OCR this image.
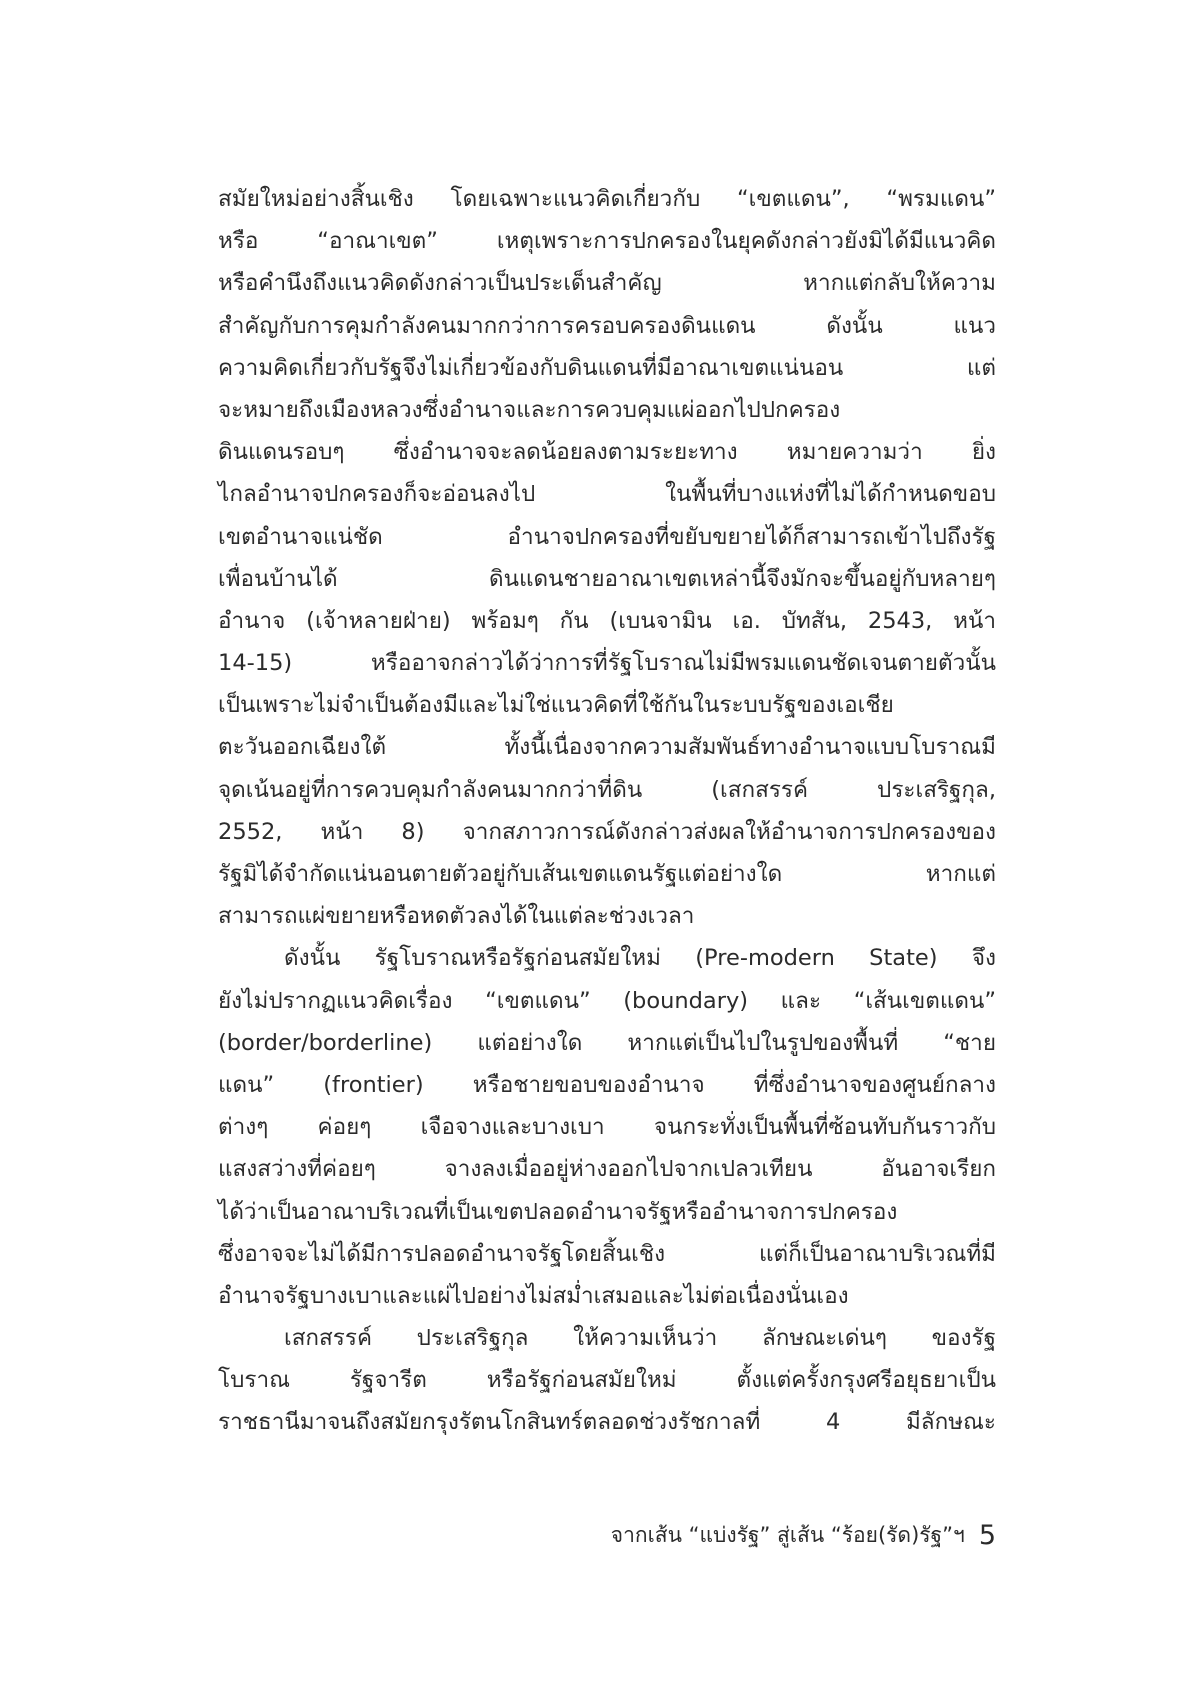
สมัยใหม่อย่างสิ้นเชิง โดยเฉพาะแนวคิดเกี่ยวกับ “เขตแดน”, “พรมแดน”
หรือ “อาณาเขต” เหตุเพราะการปกครองในยุคดังกล่าวยังมิได้มีแนวคิด
หรือคำนึงถึงแนวคิดดังกล่าวเป็นประเด็นสำคัญ หากแต่กลับให้ความ
สำคัญกับการคุมกำลังคนมากกว่าการครอบครองดินแดน ดังนั้น แนว
ความคิดเกี่ยวกับรัฐจึงไม่เกี่ยวข้องกับดินแดนที่มีอาณาเขตแน่นอน แต่
จะหมายถึงเมืองหลวงซึ่งอำนาจและการควบคุมแผ่ออกไปปกครอง
ดินแดนรอบๆ ซึ่งอำนาจจะลดน้อยลงตามระยะทาง หมายความว่า ยิ่ง
ไกลอำนาจปกครองก็จะอ่อนลงไป ในพื้นที่บางแห่งที่ไม่ได้กำหนดขอบ
เขตอำนาจแน่ชัด อำนาจปกครองที่ขยับขยายได้ก็สามารถเข้าไปถึงรัฐ
เพื่อนบ้านได้ ดินแดนชายอาณาเขตเหล่านี้จึงมักจะขึ้นอยู่กับหลายๆ
อำนาจ (เจ้าหลายฝ่าย) พร้อมๆ กัน (เบนจามิน เอ. บัทสัน, 2543, หน้า
14-15) หรืออาจกล่าวได้ว่าการที่รัฐโบราณไม่มีพรมแดนชัดเจนตายตัวนั้น
เป็นเพราะไม่จำเป็นต้องมีและไม่ใช่แนวคิดที่ใช้กันในระบบรัฐของเอเชีย
ตะวันออกเฉียงใต้ ทั้งนี้เนื่องจากความสัมพันธ์ทางอำนาจแบบโบราณมี
จุดเน้นอยู่ที่การควบคุมกำลังคนมากกว่าที่ดิน (เสกสรรค์ ประเสริฐกุล,
2552, หน้า 8) จากสภาวการณ์ดังกล่าวส่งผลให้อำนาจการปกครองของ
รัฐมิได้จำกัดแน่นอนตายตัวอยู่กับเส้นเขตแดนรัฐแต่อย่างใด หากแต่
สามารถแผ่ขยายหรือหดตัวลงได้ในแต่ละช่วงเวลา
ดังนั้น รัฐโบราณหรือรัฐก่อนสมัยใหม่ (Pre-modern State) จึง
ยังไม่ปรากฏแนวคิดเรื่อง “เขตแดน” (boundary) และ “เส้นเขตแดน”
(border/borderline) แต่อย่างใด หากแต่เป็นไปในรูปของพื้นที่ “ชาย
แดน” (frontier) หรือชายขอบของอำนาจ ที่ซึ่งอำนาจของศูนย์กลาง
ต่างๆ ค่อยๆ เจือจางและบางเบา จนกระทั่งเป็นพื้นที่ซ้อนทับกันราวกับ
แสงสว่างที่ค่อยๆ จางลงเมื่ออยู่ห่างออกไปจากเปลวเทียน อันอาจเรียก
ได้ว่าเป็นอาณาบริเวณที่เป็นเขตปลอดอำนาจรัฐหรืออำนาจการปกครอง
ซึ่งอาจจะไม่ได้มีการปลอดอำนาจรัฐโดยสิ้นเชิง แต่ก็เป็นอาณาบริเวณที่มี
อำนาจรัฐบางเบาและแผ่ไปอย่างไม่สม่ำเสมอและไม่ต่อเนื่องนั่นเอง
เสกสรรค์ ประเสริฐกุล ให้ความเห็นว่า ลักษณะเด่นๆ ของรัฐ
โบราณ รัฐจารีต หรือรัฐก่อนสมัยใหม่ ตั้งแต่ครั้งกรุงศรีอยุธยาเป็น
ราชธานีมาจนถึงสมัยกรุงรัตนโกสินทร์ตลอดช่วงรัชกาลที่ 4 มีลักษณะ
จากเส้น “แบ่งรัฐ” สู่เส้น “ร้อย(รัด)รัฐ”ฯ 5
